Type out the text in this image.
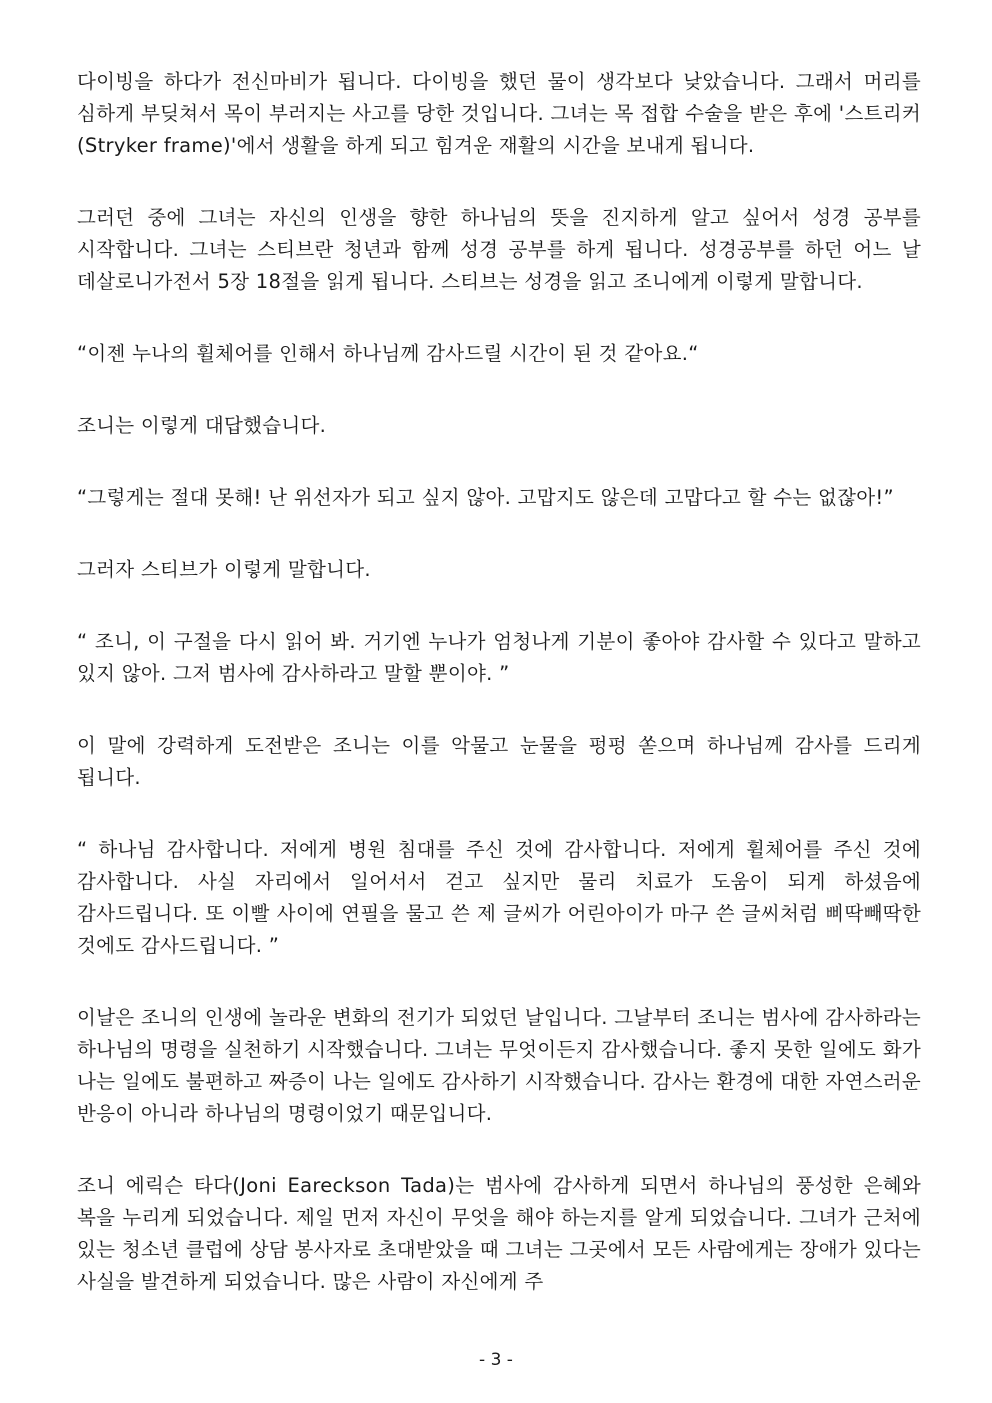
다이빙을 하다가 전신마비가 됩니다. 다이빙을 했던 물이 생각보다 낮았습니다. 그래서 머리를 심하게 부딪쳐서 목이 부러지는 사고를 당한 것입니다. 그녀는 목 접합 수술을 받은 후에 '스트리커(Stryker frame)'에서 생활을 하게 되고 힘겨운 재활의 시간을 보내게 됩니다.

그러던 중에 그녀는 자신의 인생을 향한 하나님의 뜻을 진지하게 알고 싶어서 성경 공부를 시작합니다. 그녀는 스티브란 청년과 함께 성경 공부를 하게 됩니다. 성경공부를 하던 어느 날 데살로니가전서 5장 18절을 읽게 됩니다. 스티브는 성경을 읽고 조니에게 이렇게 말합니다.

“이젠 누나의 휠체어를 인해서 하나님께 감사드릴 시간이 된 것 같아요.“

조니는 이렇게 대답했습니다.

“그렇게는 절대 못해! 난 위선자가 되고 싶지 않아. 고맙지도 않은데 고맙다고 할 수는 없잖아!”

그러자 스티브가 이렇게 말합니다.

“ 조니, 이 구절을 다시 읽어 봐. 거기엔 누나가 엄청나게 기분이 좋아야 감사할 수 있다고 말하고 있지 않아. 그저 범사에 감사하라고 말할 뿐이야. ”

이 말에 강력하게 도전받은 조니는 이를 악물고 눈물을 펑펑 쏟으며 하나님께 감사를 드리게 됩니다.

“ 하나님 감사합니다. 저에게 병원 침대를 주신 것에 감사합니다. 저에게 휠체어를 주신 것에 감사합니다. 사실 자리에서 일어서서 걷고 싶지만 물리 치료가 도움이 되게 하셨음에 감사드립니다. 또 이빨 사이에 연필을 물고 쓴 제 글씨가 어린아이가 마구 쓴 글씨처럼 삐딱빼딱한 것에도 감사드립니다. ”

이날은 조니의 인생에 놀라운 변화의 전기가 되었던 날입니다. 그날부터 조니는 범사에 감사하라는 하나님의 명령을 실천하기 시작했습니다. 그녀는 무엇이든지 감사했습니다. 좋지 못한 일에도 화가 나는 일에도 불편하고 짜증이 나는 일에도 감사하기 시작했습니다. 감사는 환경에 대한 자연스러운 반응이 아니라 하나님의 명령이었기 때문입니다.

조니 에릭슨 타다(Joni Eareckson Tada)는 범사에 감사하게 되면서 하나님의 풍성한 은혜와 복을 누리게 되었습니다. 제일 먼저 자신이 무엇을 해야 하는지를 알게 되었습니다. 그녀가 근처에 있는 청소년 클럽에 상담 봉사자로 초대받았을 때 그녀는 그곳에서 모든 사람에게는 장애가 있다는 사실을 발견하게 되었습니다. 많은 사람이 자신에게 주

- 3 -
